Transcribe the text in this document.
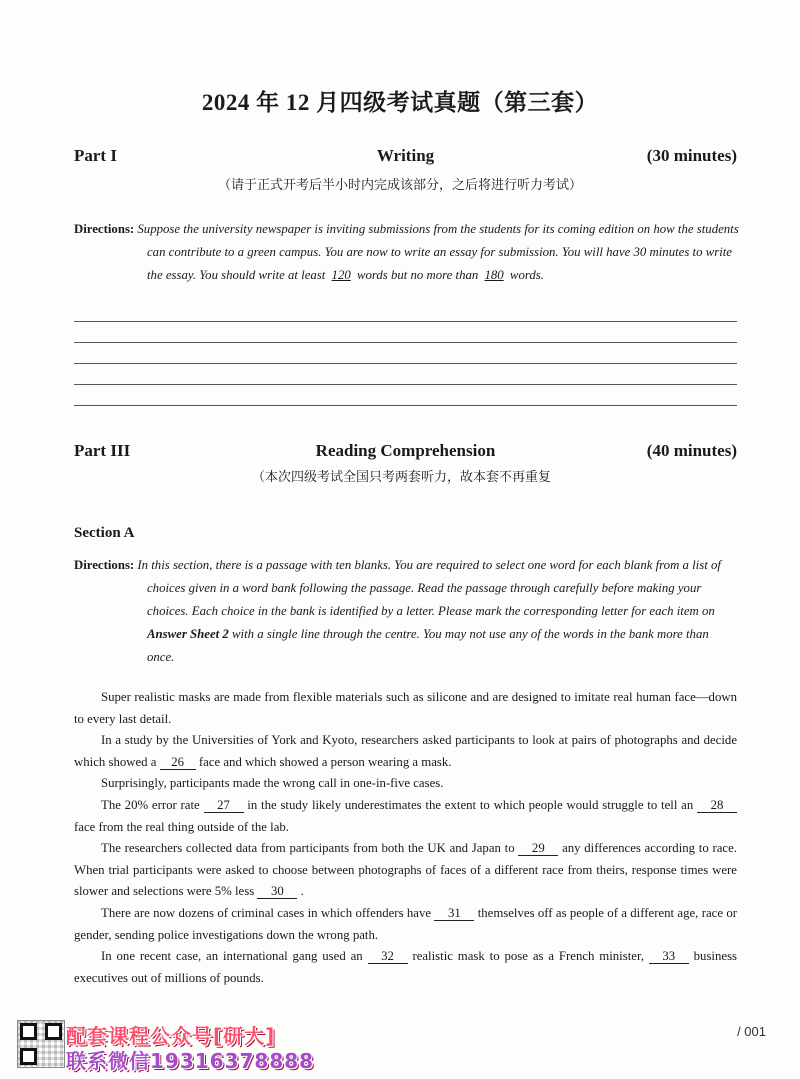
2024 年 12 月四级考试真题（第三套）
Part I	Writing	(30 minutes)
（请于正式开考后半小时内完成该部分，之后将进行听力考试）
Directions: Suppose the university newspaper is inviting submissions from the students for its coming edition on how the students can contribute to a green campus. You are now to write an essay for submission. You will have 30 minutes to write the essay. You should write at least 120 words but no more than 180 words.
Part III	Reading Comprehension	(40 minutes)
（本次四级考试全国只考两套听力，故本套不再重复
Section A
Directions: In this section, there is a passage with ten blanks. You are required to select one word for each blank from a list of choices given in a word bank following the passage. Read the passage through carefully before making your choices. Each choice in the bank is identified by a letter. Please mark the corresponding letter for each item on Answer Sheet 2 with a single line through the centre. You may not use any of the words in the bank more than once.

Super realistic masks are made from flexible materials such as silicone and are designed to imitate real human face—down to every last detail.

In a study by the Universities of York and Kyoto, researchers asked participants to look at pairs of photographs and decide which showed a 26 face and which showed a person wearing a mask.

Surprisingly, participants made the wrong call in one-in-five cases.

The 20% error rate 27 in the study likely underestimates the extent to which people would struggle to tell an 28 face from the real thing outside of the lab.

The researchers collected data from participants from both the UK and Japan to 29 any differences according to race. When trial participants were asked to choose between photographs of faces of a different race from theirs, response times were slower and selections were 5% less 30 .

There are now dozens of criminal cases in which offenders have 31 themselves off as people of a different age, race or gender, sending police investigations down the wrong path.

In one recent case, an international gang used an 32 realistic mask to pose as a French minister, 33 business executives out of millions of pounds.

配套课程公众号[研大]
联系微信19316378888
/ 001
